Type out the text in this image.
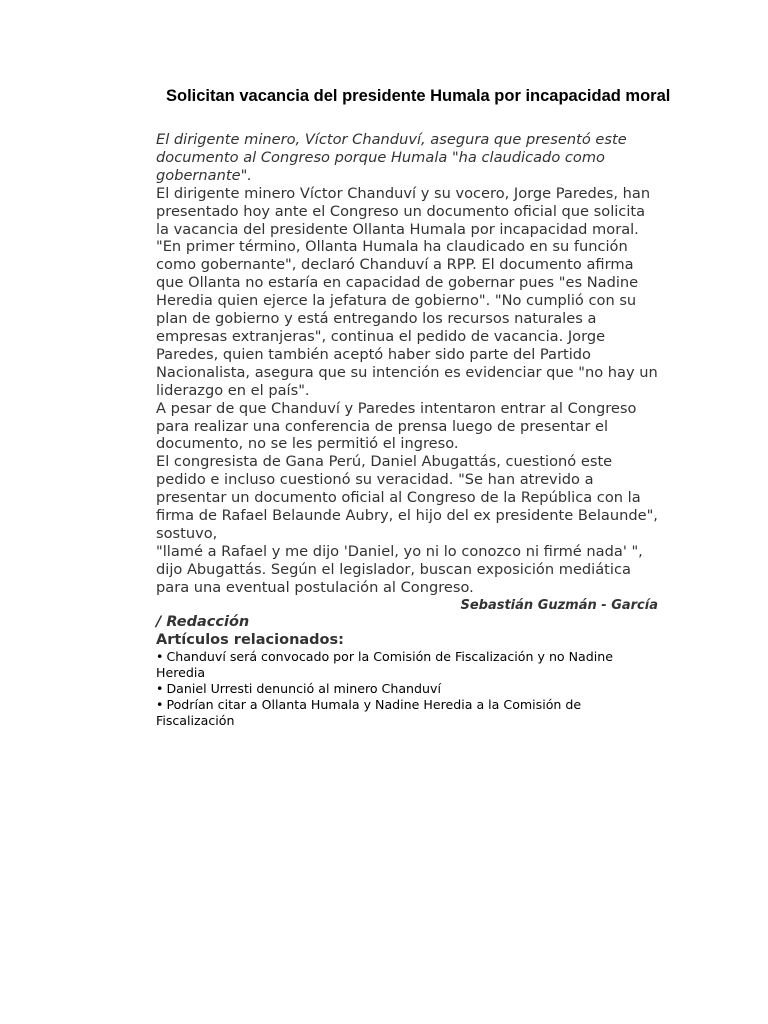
Solicitan vacancia del presidente Humala por incapacidad moral

El dirigente minero, Víctor Chanduví, asegura que presentó este documento al Congreso porque Humala "ha claudicado como gobernante".

El dirigente minero Víctor Chanduví y su vocero, Jorge Paredes, han presentado hoy ante el Congreso un documento oficial que solicita la vacancia del presidente Ollanta Humala por incapacidad moral.

"En primer término, Ollanta Humala ha claudicado en su función como gobernante", declaró Chanduví a RPP. El documento afirma que Ollanta no estaría en capacidad de gobernar pues "es Nadine Heredia quien ejerce la jefatura de gobierno". "No cumplió con su plan de gobierno y está entregando los recursos naturales a empresas extranjeras", continua el pedido de vacancia. Jorge Paredes, quien también aceptó haber sido parte del Partido Nacionalista, asegura que su intención es evidenciar que "no hay un liderazgo en el país".

A pesar de que Chanduví y Paredes intentaron entrar al Congreso para realizar una conferencia de prensa luego de presentar el documento, no se les permitió el ingreso.

El congresista de Gana Perú, Daniel Abugattás, cuestionó este pedido e incluso cuestionó su veracidad. "Se han atrevido a presentar un documento oficial al Congreso de la República con la firma de Rafael Belaunde Aubry, el hijo del ex presidente Belaunde", sostuvo,

"llamé a Rafael y me dijo 'Daniel, yo ni lo conozco ni firmé nada' ", dijo Abugattás. Según el legislador, buscan exposición mediática para una eventual postulación al Congreso.

Sebastián Guzmán - García
/ Redacción
Artículos relacionados:
• Chanduví será convocado por la Comisión de Fiscalización y no Nadine Heredia
• Daniel Urresti denunció al minero Chanduví
• Podrían citar a Ollanta Humala y Nadine Heredia a la Comisión de Fiscalización
